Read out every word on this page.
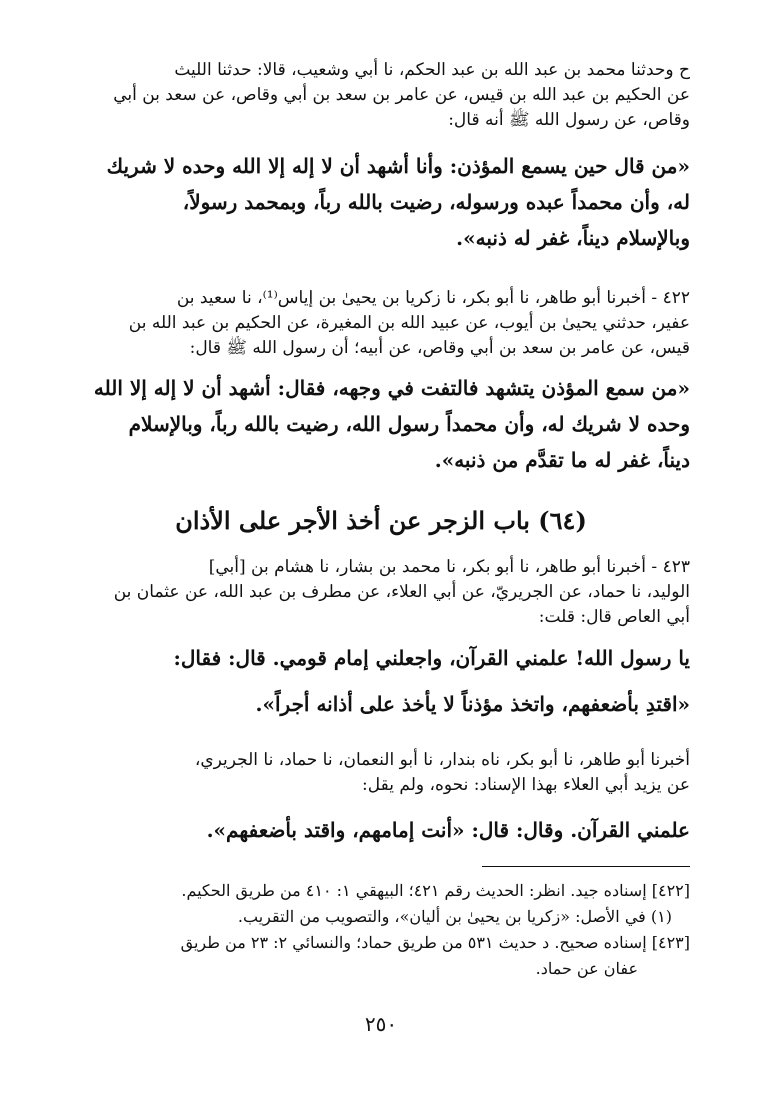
ح وحدثنا محمد بن عبد الله بن عبد الحكم، نا أبي وشعيب، قالا: حدثنا الليث
عن الحكيم بن عبد الله بن قيس، عن عامر بن سعد بن أبي وقاص، عن سعد بن أبي
وقاص، عن رسول الله ﷺ أنه قال:
«من قال حين يسمع المؤذن: وأنا أشهد أن لا إله إلا الله وحده لا شريك
له، وأن محمداً عبده ورسوله، رضيت بالله رباً، وبمحمد رسولاً،
وبالإسلام ديناً، غفر له ذنبه».
٤٢٢ - أخبرنا أبو طاهر، نا أبو بكر، نا زكريا بن يحيىٰ بن إياس⁽¹⁾، نا سعيد بن
عفير، حدثني يحيىٰ بن أيوب، عن عبيد الله بن المغيرة، عن الحكيم بن عبد الله بن
قيس، عن عامر بن سعد بن أبي وقاص، عن أبيه؛ أن رسول الله ﷺ قال:
«من سمع المؤذن يتشهد فالتفت في وجهه، فقال: أشهد أن لا إله إلا الله
وحده لا شريك له، وأن محمداً رسول الله، رضيت بالله رباً، وبالإسلام
ديناً، غفر له ما تقدَّم من ذنبه».
(٦٤) باب الزجر عن أخذ الأجر على الأذان
٤٢٣ - أخبرنا أبو طاهر، نا أبو بكر، نا محمد بن بشار، نا هشام بن [أبي]
الوليد، نا حماد، عن الجريريّ، عن أبي العلاء، عن مطرف بن عبد الله، عن عثمان بن
أبي العاص قال: قلت:
يا رسول الله! علمني القرآن، واجعلني إمام قومي. قال: فقال:
«اقتدِ بأضعفهم، واتخذ مؤذناً لا يأخذ على أذانه أجراً».
أخبرنا أبو طاهر، نا أبو بكر، ناه بندار، نا أبو النعمان، نا حماد، نا الجريري،
عن يزيد أبي العلاء بهذا الإسناد: نحوه، ولم يقل:
علمني القرآن. وقال: قال: «أنت إمامهم، واقتد بأضعفهم».
[٤٢٢] إسناده جيد. انظر: الحديث رقم ٤٢١؛ البيهقي ١: ٤١٠ من طريق الحكيم.
(١) في الأصل: «زكريا بن يحيىٰ بن أليان»، والتصويب من التقريب.
[٤٢٣] إسناده صحيح. د حديث ٥٣١ من طريق حماد؛ والنسائي ٢: ٢٣ من طريق
عفان عن حماد.
٢٥٠
